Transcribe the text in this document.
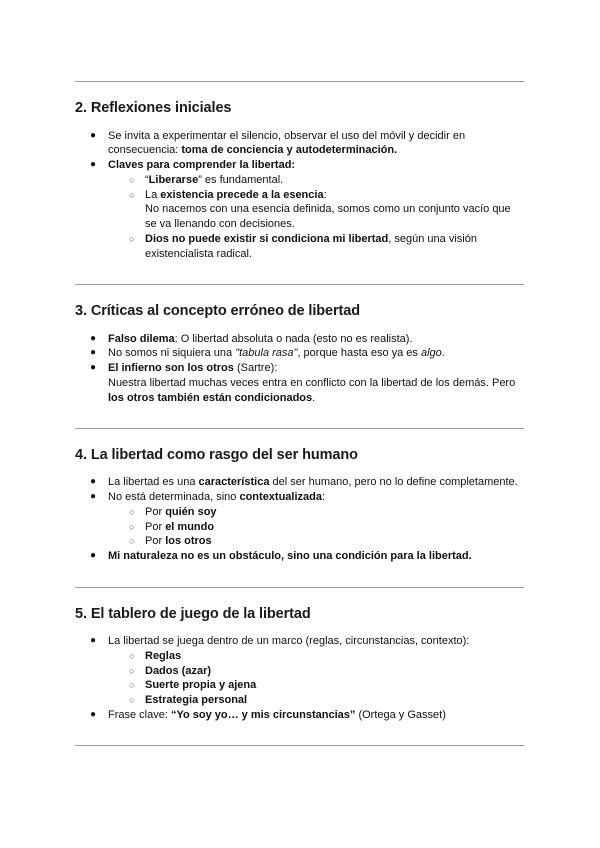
2. Reflexiones iniciales
● Se invita a experimentar el silencio, observar el uso del móvil y decidir en
consecuencia: toma de conciencia y autodeterminación.
● Claves para comprender la libertad:
○ “Liberarse” es fundamental.
○ La existencia precede a la esencia:
No nacemos con una esencia definida, somos como un conjunto vacío que
se va llenando con decisiones.
○ Dios no puede existir si condiciona mi libertad, según una visión
existencialista radical.
3. Críticas al concepto erróneo de libertad
● Falso dilema: O libertad absoluta o nada (esto no es realista).
● No somos ni siquiera una "tabula rasa", porque hasta eso ya es algo.
● El infierno son los otros (Sartre):
Nuestra libertad muchas veces entra en conflicto con la libertad de los demás. Pero
los otros también están condicionados.
4. La libertad como rasgo del ser humano
● La libertad es una característica del ser humano, pero no lo define completamente.
● No está determinada, sino contextualizada:
○ Por quién soy
○ Por el mundo
○ Por los otros
● Mi naturaleza no es un obstáculo, sino una condición para la libertad.
5. El tablero de juego de la libertad
● La libertad se juega dentro de un marco (reglas, circunstancias, contexto):
○ Reglas
○ Dados (azar)
○ Suerte propia y ajena
○ Estrategia personal
● Frase clave: “Yo soy yo… y mis circunstancias” (Ortega y Gasset)
